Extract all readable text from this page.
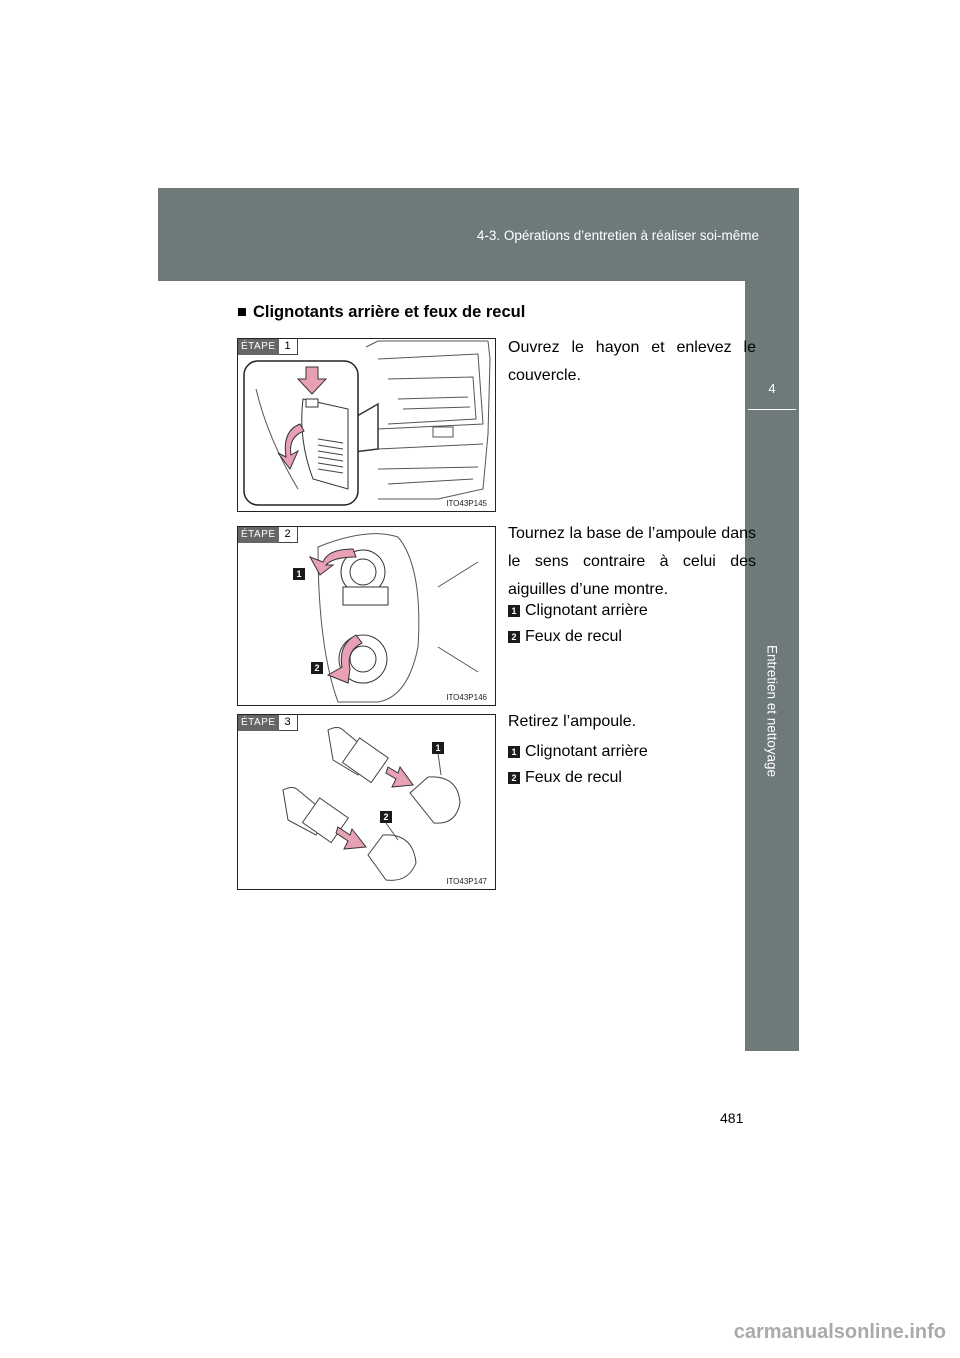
4-3. Opérations d’entretien à réaliser soi-même
4
Entretien et nettoyage
■ Clignotants arrière et feux de recul
ÉTAPE 1
ITO43P145
ÉTAPE 2
1
2
ITO43P146
ÉTAPE 3
1
2
ITO43P147
Ouvrez le hayon et enlevez le couvercle.
Tournez la base de l’ampoule dans le sens contraire à celui des aiguilles d’une montre.
1 Clignotant arrière
2 Feux de recul
Retirez l’ampoule.
1 Clignotant arrière
2 Feux de recul
481
carmanualsonline.info
